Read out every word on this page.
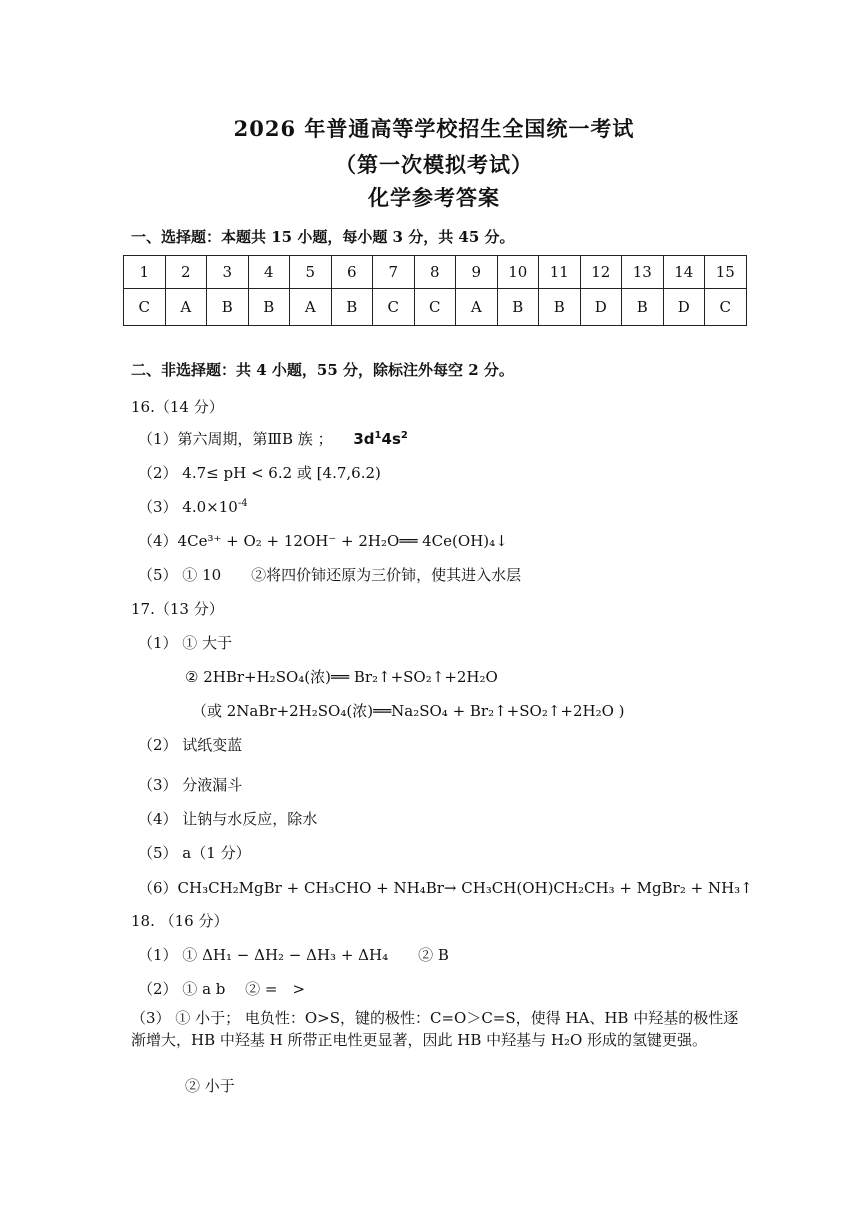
2026 年普通高等学校招生全国统一考试
（第一次模拟考试）
化学参考答案
一、选择题：本题共 15 小题，每小题 3 分，共 45 分。
1	2	3	4	5	6	7	8	9	10	11	12	13	14	15
C	A	B	B	A	B	C	C	A	B	B	D	B	D	C
二、非选择题：共 4 小题，55 分，除标注外每空 2 分。
16.（14 分）
（1）第六周期，第ⅢB 族 ； $3d^14s^2$
（2） 4.7≤ pH < 6.2 或 [4.7,6.2)
（3） $4.0\times 10^{-4}$
（4）4Ce³⁺ + O₂ + 12OH⁻ + 2H₂O══ 4Ce(OH)₄↓
（5） ① 10　　②将四价铈还原为三价铈，使其进入水层
17.（13 分）
（1） ① 大于
② 2HBr+H₂SO₄(浓)══ Br₂↑+SO₂↑+2H₂O
（或 2NaBr+2H₂SO₄(浓)══Na₂SO₄ + Br₂↑+SO₂↑+2H₂O )
（2） 试纸变蓝
（3） 分液漏斗
（4） 让钠与水反应，除水
（5） a（1 分）
（6）CH₃CH₂MgBr + CH₃CHO + NH₄Br→ CH₃CH(OH)CH₂CH₃ + MgBr₂ + NH₃↑
18. （16 分）
（1） ① ΔH₁ − ΔH₂ − ΔH₃ + ΔH₄　　② B
（2） ① a b　 ② =　>
（3） ① 小于； 电负性：O>S，键的极性：C=O＞C=S，使得 HA、HB 中羟基的极性逐渐增大，HB 中羟基 H 所带正电性更显著，因此 HB 中羟基与 H₂O 形成的氢键更强。
② 小于
